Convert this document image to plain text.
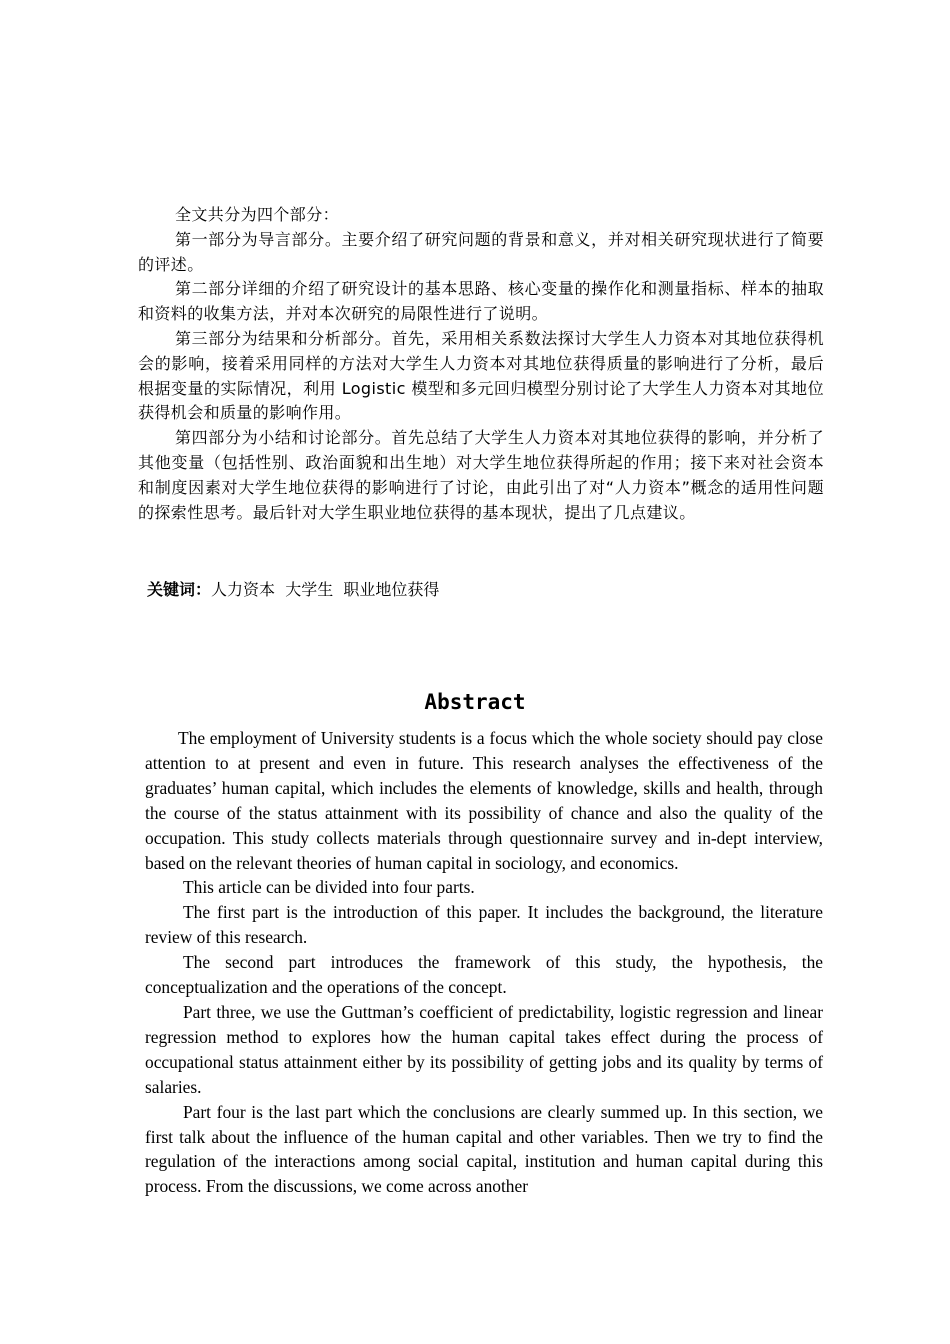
全文共分为四个部分：

第一部分为导言部分。主要介绍了研究问题的背景和意义，并对相关研究现状进行了简要的评述。

第二部分详细的介绍了研究设计的基本思路、核心变量的操作化和测量指标、样本的抽取和资料的收集方法，并对本次研究的局限性进行了说明。

第三部分为结果和分析部分。首先，采用相关系数法探讨大学生人力资本对其地位获得机会的影响，接着采用同样的方法对大学生人力资本对其地位获得质量的影响进行了分析，最后根据变量的实际情况，利用 Logistic 模型和多元回归模型分别讨论了大学生人力资本对其地位获得机会和质量的影响作用。

第四部分为小结和讨论部分。首先总结了大学生人力资本对其地位获得的影响，并分析了其他变量（包括性别、政治面貌和出生地）对大学生地位获得所起的作用；接下来对社会资本和制度因素对大学生地位获得的影响进行了讨论，由此引出了对“人力资本”概念的适用性问题的探索性思考。最后针对大学生职业地位获得的基本现状，提出了几点建议。

关键词：人力资本 大学生 职业地位获得
Abstract

The employment of University students is a focus which the whole society should pay close attention to at present and even in future. This research analyses the effectiveness of the graduates’ human capital, which includes the elements of knowledge, skills and health, through the course of the status attainment with its possibility of chance and also the quality of the occupation. This study collects materials through questionnaire survey and in-dept interview, based on the relevant theories of human capital in sociology, and economics.

This article can be divided into four parts.

The first part is the introduction of this paper. It includes the background, the literature review of this research.

The second part introduces the framework of this study, the hypothesis, the conceptualization and the operations of the concept.

Part three, we use the Guttman’s coefficient of predictability, logistic regression and linear regression method to explores how the human capital takes effect during the process of occupational status attainment either by its possibility of getting jobs and its quality by terms of salaries.

Part four is the last part which the conclusions are clearly summed up. In this section, we first talk about the influence of the human capital and other variables. Then we try to find the regulation of the interactions among social capital, institution and human capital during this process. From the discussions, we come across another
